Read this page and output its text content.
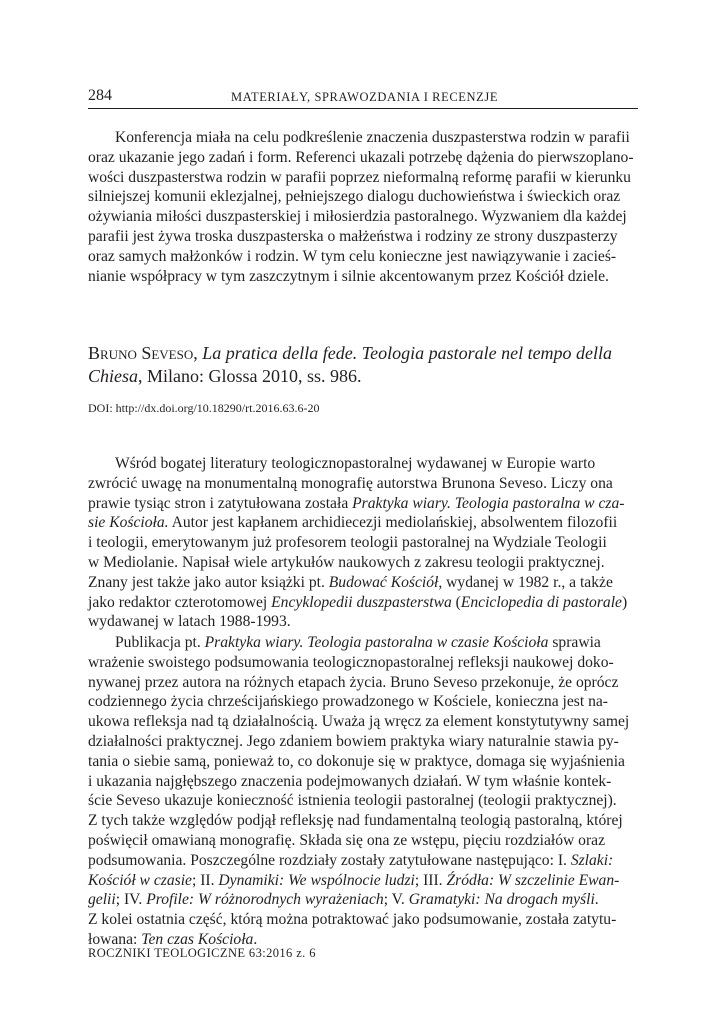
284	MATERIAŁY, SPRAWOZDANIA I RECENZJE

Konferencja miała na celu podkreślenie znaczenia duszpasterstwa rodzin w parafii
oraz ukazanie jego zadań i form. Referenci ukazali potrzebę dążenia do pierwszoplano-
wości duszpasterstwa rodzin w parafii poprzez nieformalną reformę parafii w kierunku
silniejszej komunii eklezjalnej, pełniejszego dialogu duchowieństwa i świeckich oraz
ożywiania miłości duszpasterskiej i miłosierdzia pastoralnego. Wyzwaniem dla każdej
parafii jest żywa troska duszpasterska o małżeństwa i rodziny ze strony duszpasterzy
oraz samych małżonków i rodzin. W tym celu konieczne jest nawiązywanie i zacieś-
nianie współpracy w tym zaszczytnym i silnie akcentowanym przez Kościół dziele.

Bruno Seveso, La pratica della fede. Teologia pastorale nel tempo della
Chiesa, Milano: Glossa 2010, ss. 986.

DOI: http://dx.doi.org/10.18290/rt.2016.63.6-20

Wśród bogatej literatury teologicznopastoralnej wydawanej w Europie warto
zwrócić uwagę na monumentalną monografię autorstwa Brunona Seveso. Liczy ona
prawie tysiąc stron i zatytułowana została Praktyka wiary. Teologia pastoralna w cza-
sie Kościoła. Autor jest kapłanem archidiecezji mediolańskiej, absolwentem filozofii
i teologii, emerytowanym już profesorem teologii pastoralnej na Wydziale Teologii
w Mediolanie. Napisał wiele artykułów naukowych z zakresu teologii praktycznej.
Znany jest także jako autor książki pt. Budować Kościół, wydanej w 1982 r., a także
jako redaktor czterotomowej Encyklopedii duszpasterstwa (Enciclopedia di pastorale)
wydawanej w latach 1988-1993.

Publikacja pt. Praktyka wiary. Teologia pastoralna w czasie Kościoła sprawia
wrażenie swoistego podsumowania teologicznopastoralnej refleksji naukowej doko-
nywanej przez autora na różnych etapach życia. Bruno Seveso przekonuje, że oprócz
codziennego życia chrześcijańskiego prowadzonego w Kościele, konieczna jest na-
ukowa refleksja nad tą działalnością. Uważa ją wręcz za element konstytutywny samej
działalności praktycznej. Jego zdaniem bowiem praktyka wiary naturalnie stawia py-
tania o siebie samą, ponieważ to, co dokonuje się w praktyce, domaga się wyjaśnienia
i ukazania najgłębszego znaczenia podejmowanych działań. W tym właśnie kontek-
ście Seveso ukazuje konieczność istnienia teologii pastoralnej (teologii praktycznej).
Z tych także względów podjął refleksję nad fundamentalną teologią pastoralną, której
poświęcił omawianą monografię. Składa się ona ze wstępu, pięciu rozdziałów oraz
podsumowania. Poszczególne rozdziały zostały zatytułowane następująco: I. Szlaki:
Kościół w czasie; II. Dynamiki: We wspólnocie ludzi; III. Źródła: W szczelinie Ewan-
gelii; IV. Profile: W różnorodnych wyrażeniach; V. Gramatyki: Na drogach myśli.
Z kolei ostatnia część, którą można potraktować jako podsumowanie, została zatytu-
łowana: Ten czas Kościoła.

ROCZNIKI TEOLOGICZNE 63:2016 z. 6
